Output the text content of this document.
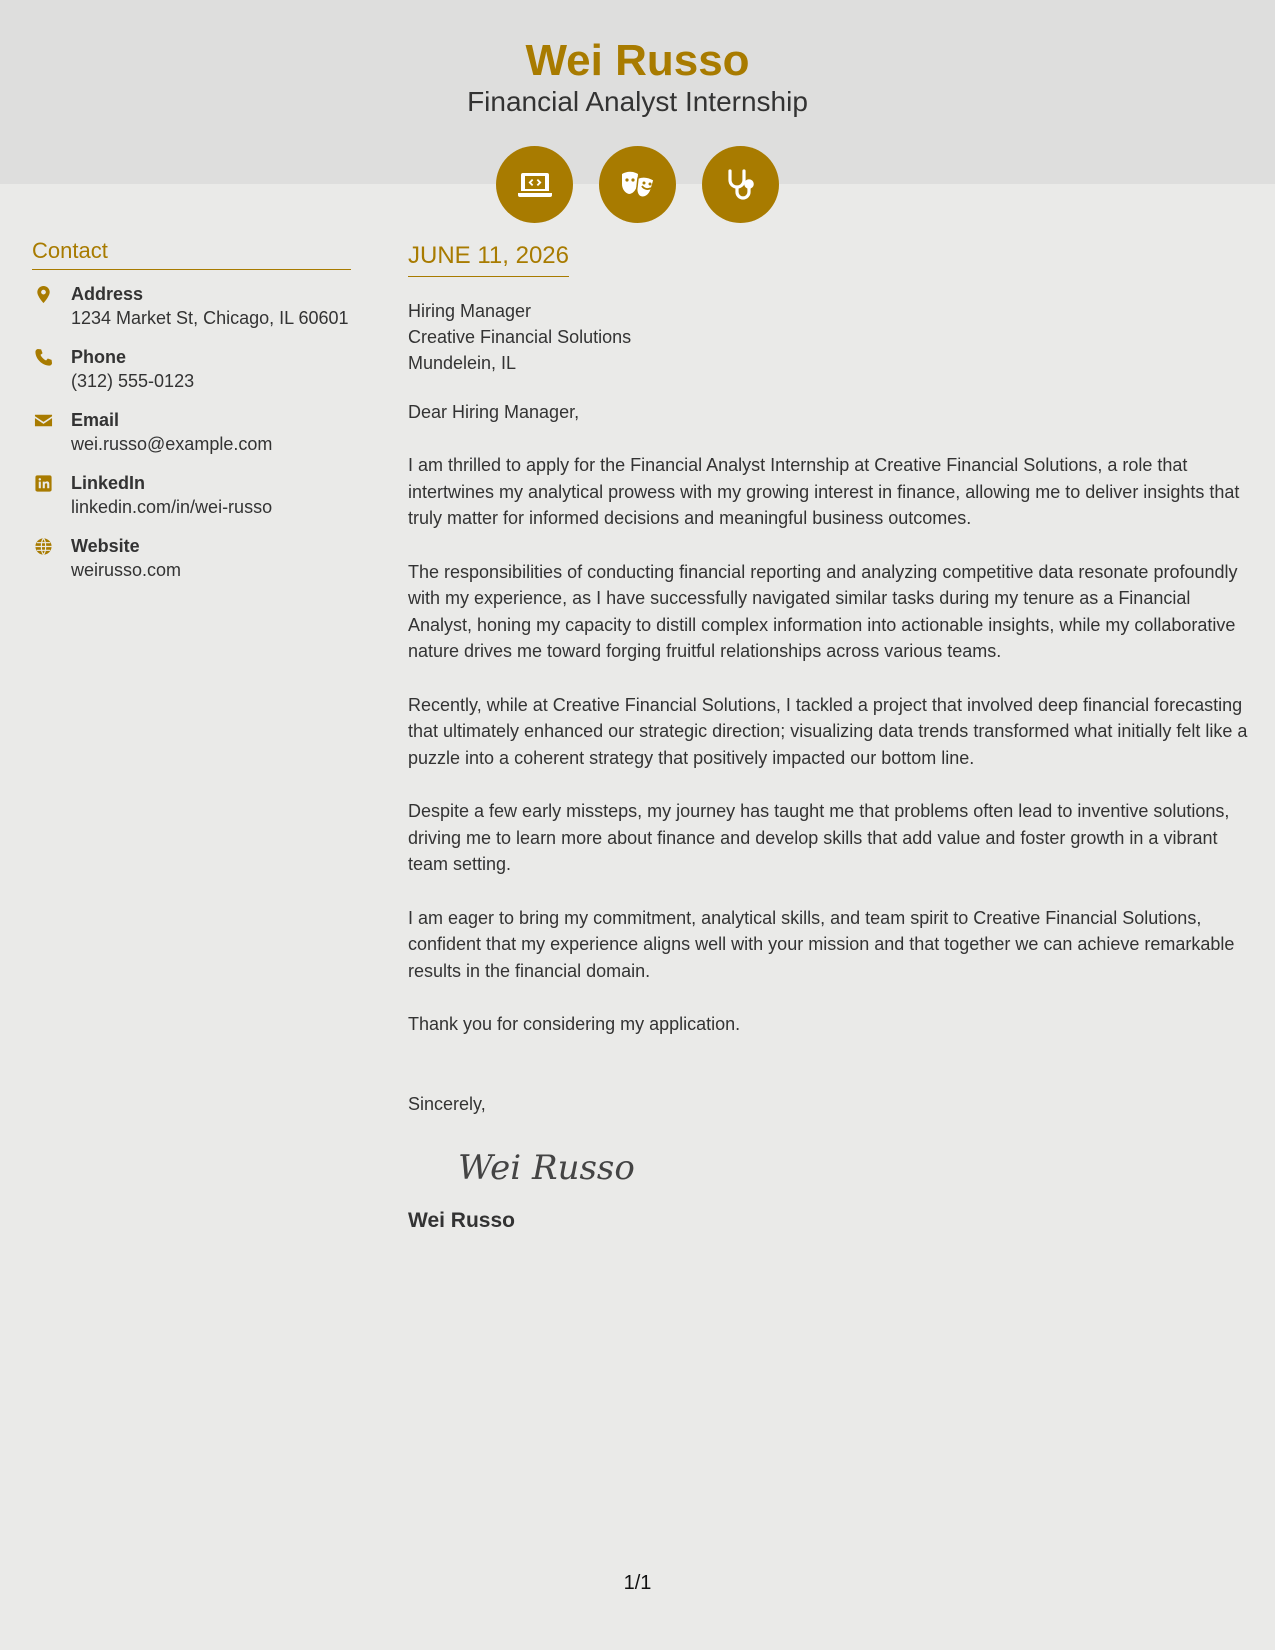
Wei Russo
Financial Analyst Internship
Contact
Address
1234 Market St, Chicago, IL 60601
Phone
(312) 555-0123
Email
wei.russo@example.com
LinkedIn
linkedin.com/in/wei-russo
Website
weirusso.com
JUNE 11, 2026
Hiring Manager
Creative Financial Solutions
Mundelein, IL
Dear Hiring Manager,
I am thrilled to apply for the Financial Analyst Internship at Creative Financial Solutions, a role that intertwines my analytical prowess with my growing interest in finance, allowing me to deliver insights that truly matter for informed decisions and meaningful business outcomes.
The responsibilities of conducting financial reporting and analyzing competitive data resonate profoundly with my experience, as I have successfully navigated similar tasks during my tenure as a Financial Analyst, honing my capacity to distill complex information into actionable insights, while my collaborative nature drives me toward forging fruitful relationships across various teams.
Recently, while at Creative Financial Solutions, I tackled a project that involved deep financial forecasting that ultimately enhanced our strategic direction; visualizing data trends transformed what initially felt like a puzzle into a coherent strategy that positively impacted our bottom line.
Despite a few early missteps, my journey has taught me that problems often lead to inventive solutions, driving me to learn more about finance and develop skills that add value and foster growth in a vibrant team setting.
I am eager to bring my commitment, analytical skills, and team spirit to Creative Financial Solutions, confident that my experience aligns well with your mission and that together we can achieve remarkable results in the financial domain.
Thank you for considering my application.
Sincerely,
Wei Russo
Wei Russo
1/1
